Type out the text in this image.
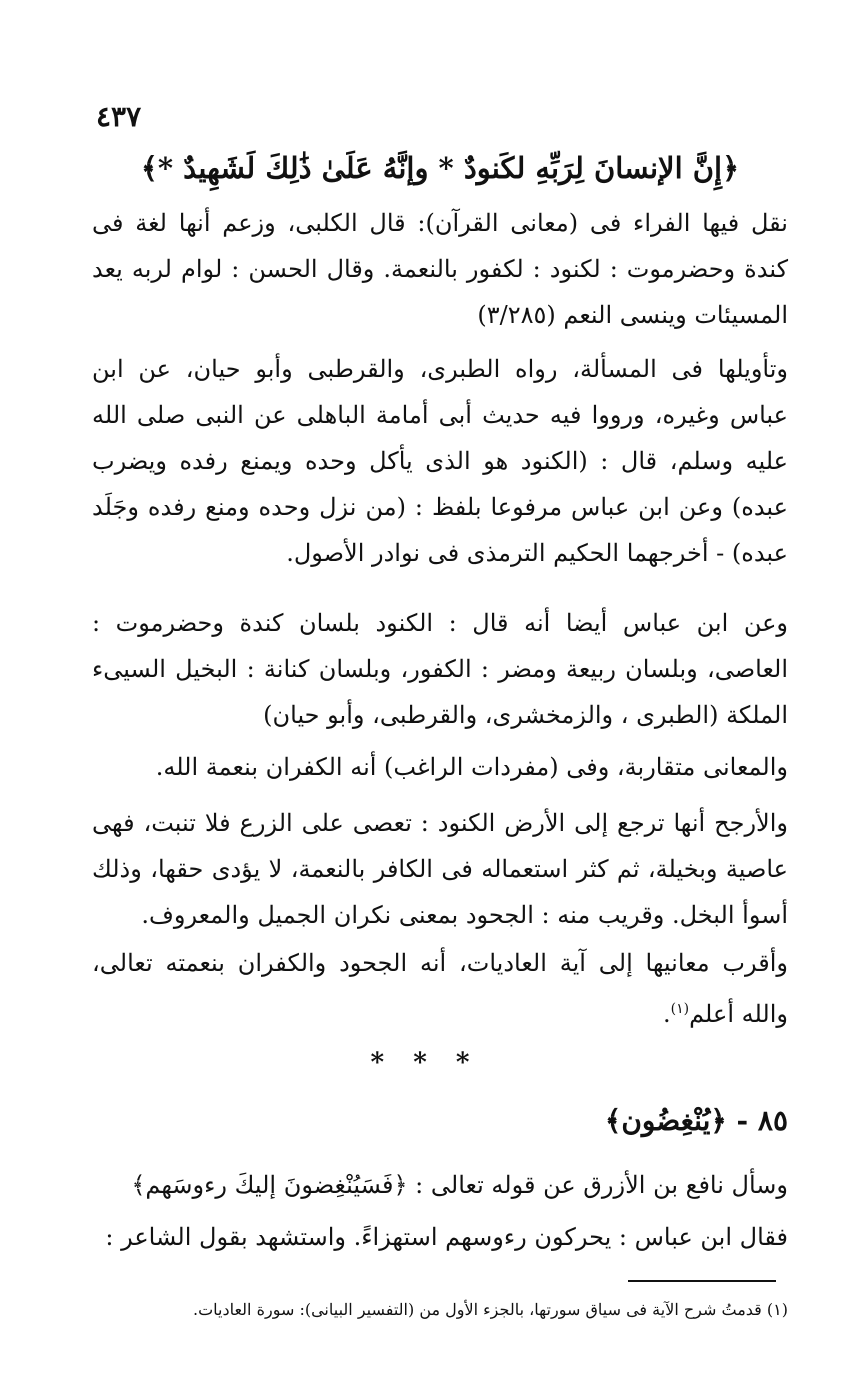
٤٣٧
﴿إِنَّ الإنسانَ لِرَبِّهِ لكَنودٌ * وإنَّهُ عَلَىٰ ذَٰلِكَ لَشَهِيدٌ *﴾

نقل فيها الفراء فى (معانى القرآن): قال الكلبى، وزعم أنها لغة فى كندة وحضرموت : لكنود : لكفور بالنعمة. وقال الحسن : لوام لربه يعد المسيئات وينسى النعم (٣/٢٨٥)

وتأويلها فى المسألة، رواه الطبرى، والقرطبى وأبو حيان، عن ابن عباس وغيره، ورووا فيه حديث أبى أمامة الباهلى عن النبى صلى الله عليه وسلم، قال : (الكنود هو الذى يأكل وحده ويمنع رفده ويضرب عبده) وعن ابن عباس مرفوعا بلفظ : (من نزل وحده ومنع رفده وجَلَد عبده) - أخرجهما الحكيم الترمذى فى نوادر الأصول.

وعن ابن عباس أيضا أنه قال : الكنود بلسان كندة وحضرموت : العاصى، وبلسان ربيعة ومضر : الكفور، وبلسان كنانة : البخيل السيىء الملكة (الطبرى ، والزمخشرى، والقرطبى، وأبو حيان)

والمعانى متقاربة، وفى (مفردات الراغب) أنه الكفران بنعمة الله.

والأرجح أنها ترجع إلى الأرض الكنود : تعصى على الزرع فلا تنبت، فهى عاصية وبخيلة، ثم كثر استعماله فى الكافر بالنعمة، لا يؤدى حقها، وذلك أسوأ البخل. وقريب منه : الجحود بمعنى نكران الجميل والمعروف.

وأقرب معانيها إلى آية العاديات، أنه الجحود والكفران بنعمته تعالى، والله أعلم$^{(١)}$.

* * *
٨٥ - ﴿يُنْغِضُون﴾

وسأل نافع بن الأزرق عن قوله تعالى : ﴿فَسَيُنْغِضونَ إليكَ رءوسَهم﴾

فقال ابن عباس : يحركون رءوسهم استهزاءً. واستشهد بقول الشاعر :

(١) قدمتُ شرح الآية فى سياق سورتها، بالجزء الأول من (التفسير البيانى): سورة العاديات.
